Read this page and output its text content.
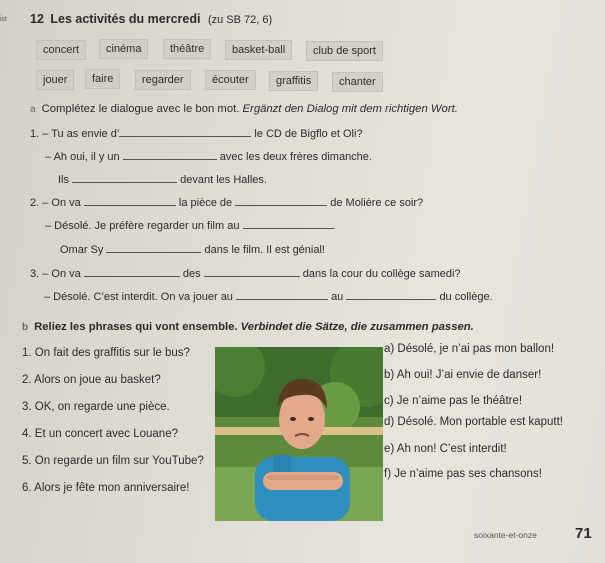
ist 12 Les activités du mercredi (zu SB 72, 6)
concert	cinéma	théâtre	basket-ball	club de sport
jouer	faire	regarder	écouter	graffitis	chanter
a Complétez le dialogue avec le bon mot. Ergänzt den Dialog mit dem richtigen Wort.
1. – Tu as envie d’	le CD de Bigflo et Oli?
– Ah oui, il y un	avec les deux frères dimanche.
Ils	devant les Halles.
2. – On va	la pièce de	de Molière ce soir?
– Désolé. Je préfère regarder un film au	.
Omar Sy	dans le film. Il est génial!
3. – On va	des	dans la cour du collège samedi?
– Désolé. C’est interdit. On va jouer au	au	du collège.
b Reliez les phrases qui vont ensemble. Verbindet die Sätze, die zusammen passen.
1. On fait des graffitis sur le bus?
2. Alors on joue au basket?
3. OK, on regarde une pièce.
4. Et un concert avec Louane?
5. On regarde un film sur YouTube?
6. Alors je fête mon anniversaire!
a) Désolé, je n’ai pas mon ballon!
b) Ah oui! J’ai envie de danser!
c) Je n’aime pas le théâtre!
d) Désolé. Mon portable est kaputt!
e) Ah non! C’est interdit!
f) Je n’aime pas ses chansons!
soixante-et-onze	71
